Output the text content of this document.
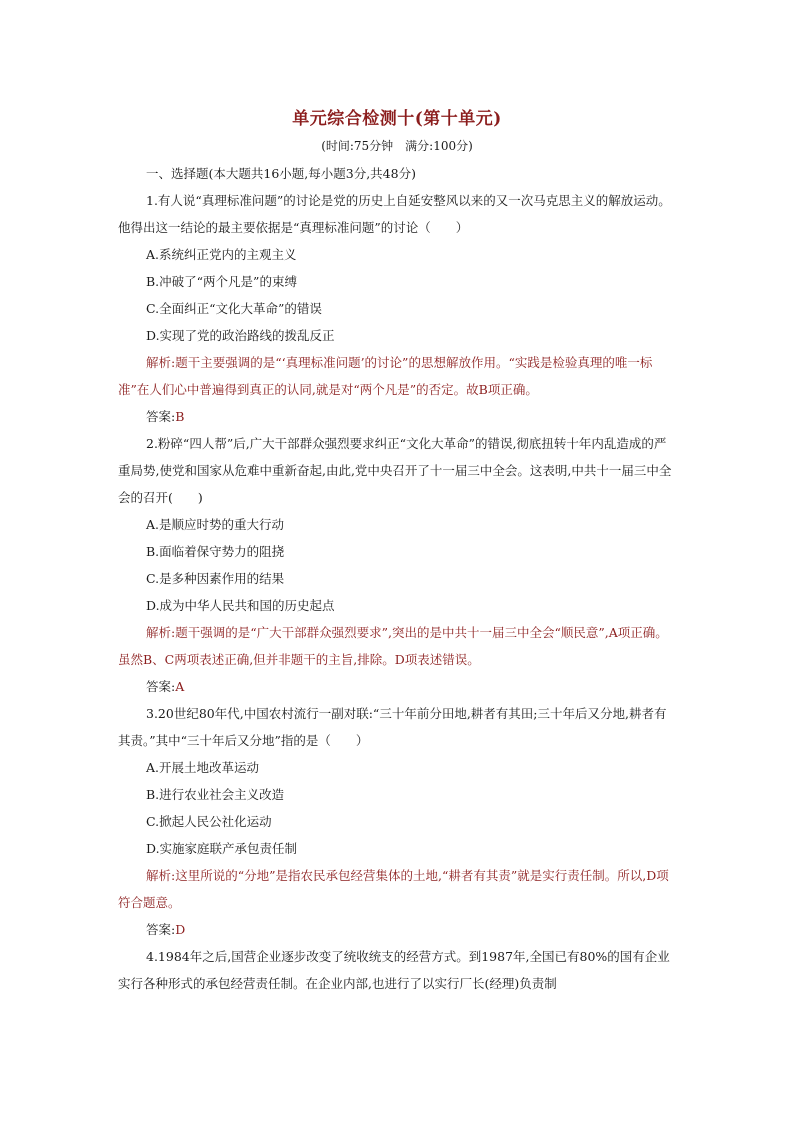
单元综合检测十(第十单元)
(时间:75分钟　满分:100分)
一、选择题(本大题共16小题,每小题3分,共48分)

1.有人说“真理标准问题”的讨论是党的历史上自延安整风以来的又一次马克思主义的解放运动。他得出这一结论的最主要依据是“真理标准问题”的讨论（　　）

A.系统纠正党内的主观主义

B.冲破了“两个凡是”的束缚

C.全面纠正“文化大革命”的错误

D.实现了党的政治路线的拨乱反正

解析:题干主要强调的是“‘真理标准问题’的讨论”的思想解放作用。“实践是检验真理的唯一标准”在人们心中普遍得到真正的认同,就是对“两个凡是”的否定。故B项正确。

答案:B

2.粉碎“四人帮”后,广大干部群众强烈要求纠正“文化大革命”的错误,彻底扭转十年内乱造成的严重局势,使党和国家从危难中重新奋起,由此,党中央召开了十一届三中全会。这表明,中共十一届三中全会的召开(　　)

A.是顺应时势的重大行动

B.面临着保守势力的阻挠

C.是多种因素作用的结果

D.成为中华人民共和国的历史起点

解析:题干强调的是“广大干部群众强烈要求”,突出的是中共十一届三中全会“顺民意”,A项正确。虽然B、C两项表述正确,但并非题干的主旨,排除。D项表述错误。

答案:A

3.20世纪80年代,中国农村流行一副对联:“三十年前分田地,耕者有其田;三十年后又分地,耕者有其责。”其中“三十年后又分地”指的是（　　）

A.开展土地改革运动

B.进行农业社会主义改造

C.掀起人民公社化运动

D.实施家庭联产承包责任制

解析:这里所说的“分地”是指农民承包经营集体的土地,“耕者有其责”就是实行责任制。所以,D项符合题意。

答案:D

4.1984年之后,国营企业逐步改变了统收统支的经营方式。到1987年,全国已有80%的国有企业实行各种形式的承包经营责任制。在企业内部,也进行了以实行厂长(经理)负责制
